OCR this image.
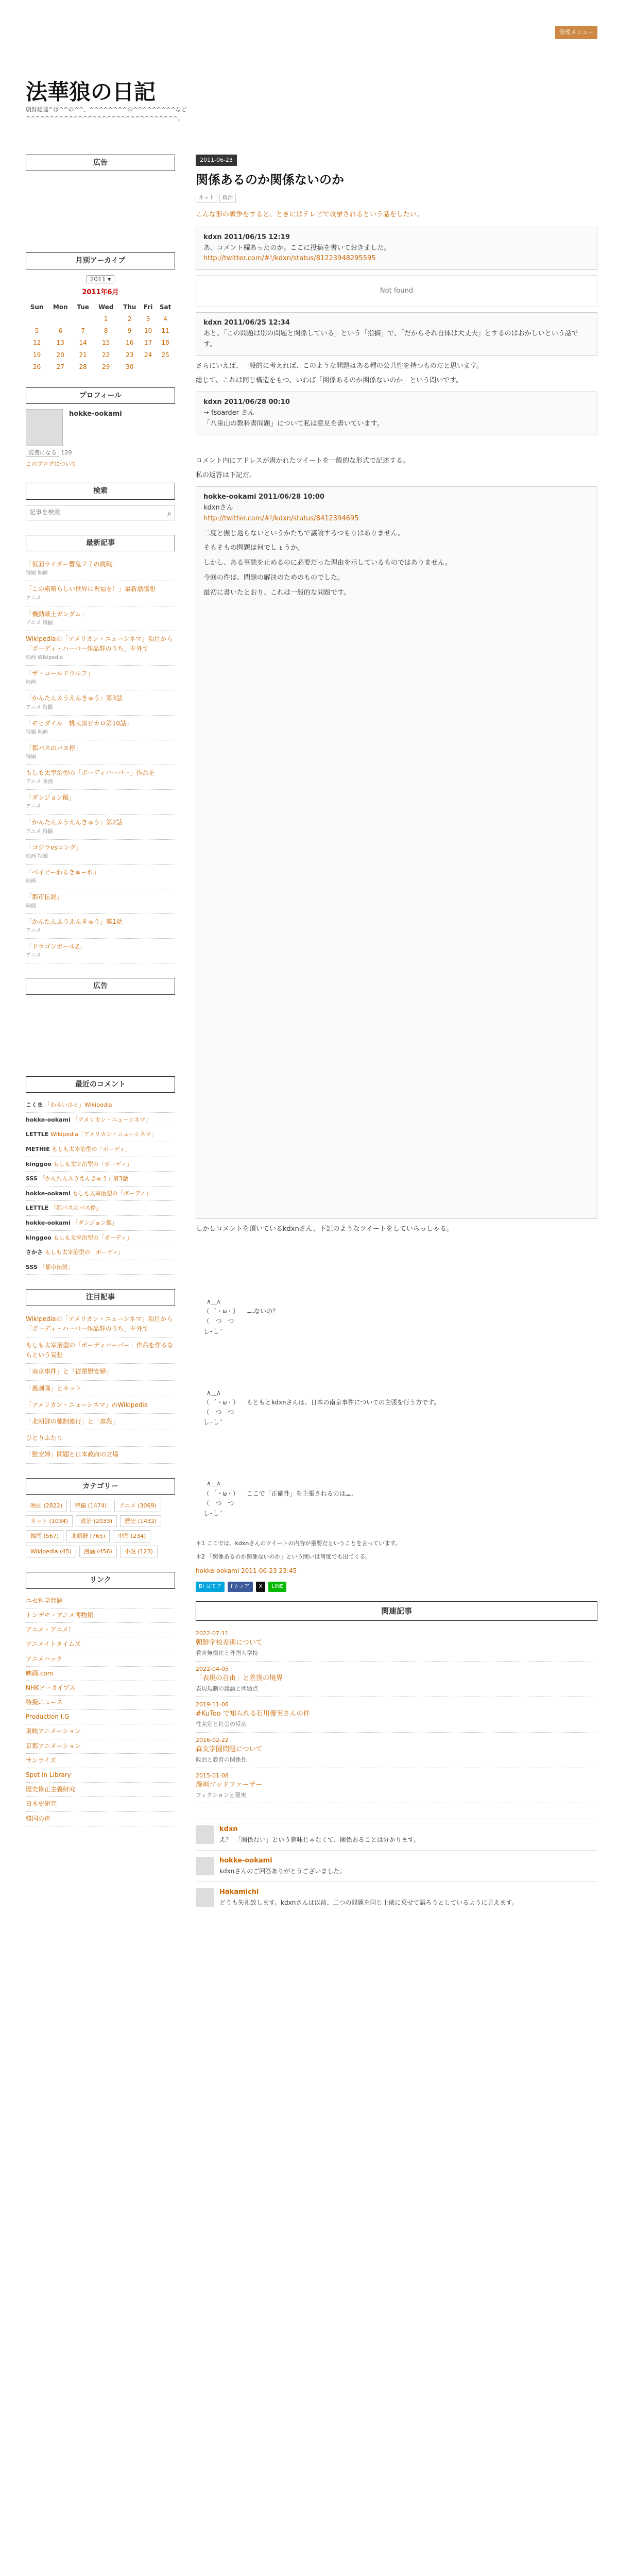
管理メニュー
法華狼の日記
朝鮮総連^は^^の^^、^^^^^^^^の^^^^^^^^^など^^^^^^^^^^^^^^^^^^^^^^^^^^^^^^^^。
広告
月別アーカイブ
2011 ▾
2011年6月
Sun	Mon	Tue	Wed	Thu	Fri	Sat
			1	2	3	4
5	6	7	8	9	10	11
12	13	14	15	16	17	18
19	20	21	22	23	24	25
26	27	28	29	30		
プロフィール
hokke-ookami
読者になる 120
このブログについて
検索
記事を検索
⌕
最新記事
「仮面ライダー響鬼２７の挑戦」
特撮 映画
「この素晴らしい世界に祝福を！」最新話感想
アニメ
「機動戦士ガンダム」
アニメ 特撮
Wikipediaの「アメリカン・ニューシネマ」項目から「ボーディ・ハーパー作品群のうち」を外す
映画 Wikipedia
「ザ・コールドウルフ」
映画
「かんたんふうえんきゅう」第3話
アニメ 特撮
「モビダイル　桃太郎ピカロ第10話」
特撮 映画
「都バスのバス停」
特撮
もしも太宰治型の「ボーディハーパー」作品を
アニメ 映画
「ダンジョン飯」
アニメ
「かんたんふうえんきゅう」第2話
アニメ 特撮
「ゴジラvsコング」
映画 特撮
「ベイビーわるきゅーれ」
映画
「都市伝説」
映画
「かんたんふうえんきゅう」第1話
アニメ
「ドラゴンボールZ」
アニメ
広告
最近のコメント
こくま 「わるいひと」Wikipedia
hokke-ookami 「アメリカン・ニューシネマ」
LETTLE Wikipedia「アメリカン・ニューシネマ」
METHIE もしも太宰治型の「ボーディ」
kinggoo もしも太宰治型の「ボーディ」
SSS 「かんたんふうえんきゅう」第3話
hokke-ookami もしも太宰治型の「ボーディ」
LETTLE 「都バスのバス停」
hokke-ookami 「ダンジョン飯」
kinggoo もしも太宰治型の「ボーディ」
さかさ もしも太宰治型の「ボーディ」
SSS 「都市伝説」
注目記事
Wikipediaの「アメリカン・ニューシネマ」項目から「ボーディ・ハーパー作品群のうち」を外す
もしも太宰治型の「ボーディハーパー」作品を作るならという妄想
「南京事件」と「従軍慰安婦」
「風刺画」とネット
「アメリカン・ニューシネマ」のWikipedia
「北朝鮮の強制連行」と「虐殺」
ひとりふたり
「慰安婦」問題と日本政府の立場
カテゴリー
映画 (2822)	特撮 (1474)	アニメ (3069)
ネット (1034)	政治 (2033)	歴史 (1432)
韓国 (567)	北朝鮮 (765)	中国 (234)
Wikipedia (45)	漫画 (456)	小説 (123)
リンク
ニセ科学問題
トンデモ・アニメ博物館
アニメ・アニメ！
アニメイトタイムズ
アニメハック
映画.com
NHKアーカイブス
特撮ニュース
Production I.G
東映アニメーション
京都アニメーション
サンライズ
Spot in Library
歴史修正主義研究
日本史研究
韓国の声
2011-06-23
関係あるのか関係ないのか
ネット 政治
こんな形の戦争をすると、ときにはテレビで攻撃されるという話をしたい。
kdxn 2011/06/15 12:19
あ、コメント欄あったのか。ここに投稿を書いておきました。
http://twitter.com/#!/kdxn/status/81223948295595
Not found
kdxn 2011/06/25 12:34
あと、「この問題は別の問題と関係している」という「指摘」で、「だからそれ自体は大丈夫」とするのはおかしいという話です。

さらにいえば、一般的に考えれば、このような問題はある種の公共性を持つものだと思います。

総じて、これは同じ構造をもつ、いわば「関係あるのか関係ないのか」という問いです。

kdxn 2011/06/28 00:10
→ fsoarder さん
「八重山の教科書問題」について私は意見を書いています。

コメント内にアドレスが書かれたツイートを一般的な形式で記述する。

私の返答は下記だ。

hokke-ookami 2011/06/28 10:00
kdxnさん
http://twitter.com/#!/kdxn/status/8412394695

二度と振じ返らないというかたちで議論するつもりはありません。

そもそもの問題は何でしょうか。

しかし、ある事態を止めるのに必要だった理由を示しているものではありません。

今回の件は、問題の解決のためのものでした。

最初に書いたとおり、これは一般的な問題です。

しかしコメントを頂いているkdxnさん、下記のようなツイートをしていらっしゃる。

∧＿∧
（ ´・ω・）  ……ないの？
（　つ　つ
し-し'
∧＿∧
（ ´・ω・）  もともとkdxnさんは、日本の南京事件についての主張を行う方です。
（　つ　つ
し-し'
∧＿∧
（ ´・ω・）  ここで「正確性」を主張されるのは……
（　つ　つ
し-し'

＊1 ここでは、kdxnさんのツイートの内容が重要だということを言っています。

＊2 「関係あるのか関係ないのか」という問いは何度でも出てくる。

hokke-ookami 2011-06-23 23:45
B! はてブ	f シェア	X	LINE
関連記事
2022-07-11
朝鮮学校差別について
教育無償化と外国人学校
2022-04-05
「表現の自由」と差別の境界
表現規制の議論と問題点
2019-11-08
#KuToo で知られる石川優実さんの件
性差別と社会の反応
2016-02-22
森友学園問題について
政治と教育の関係性
2015-01-08
漫画ゴッドファーザー
フィクションと現実
kdxn
え？　「関係ない」という意味じゃなくて、関係あることは分かります。
hokke-ookami
kdxnさんのご回答ありがとうございました。
Hakamichi
どうも失礼致します。kdxnさんは以前、二つの問題を同じ土俵に乗せて語ろうとしているように見えます。
